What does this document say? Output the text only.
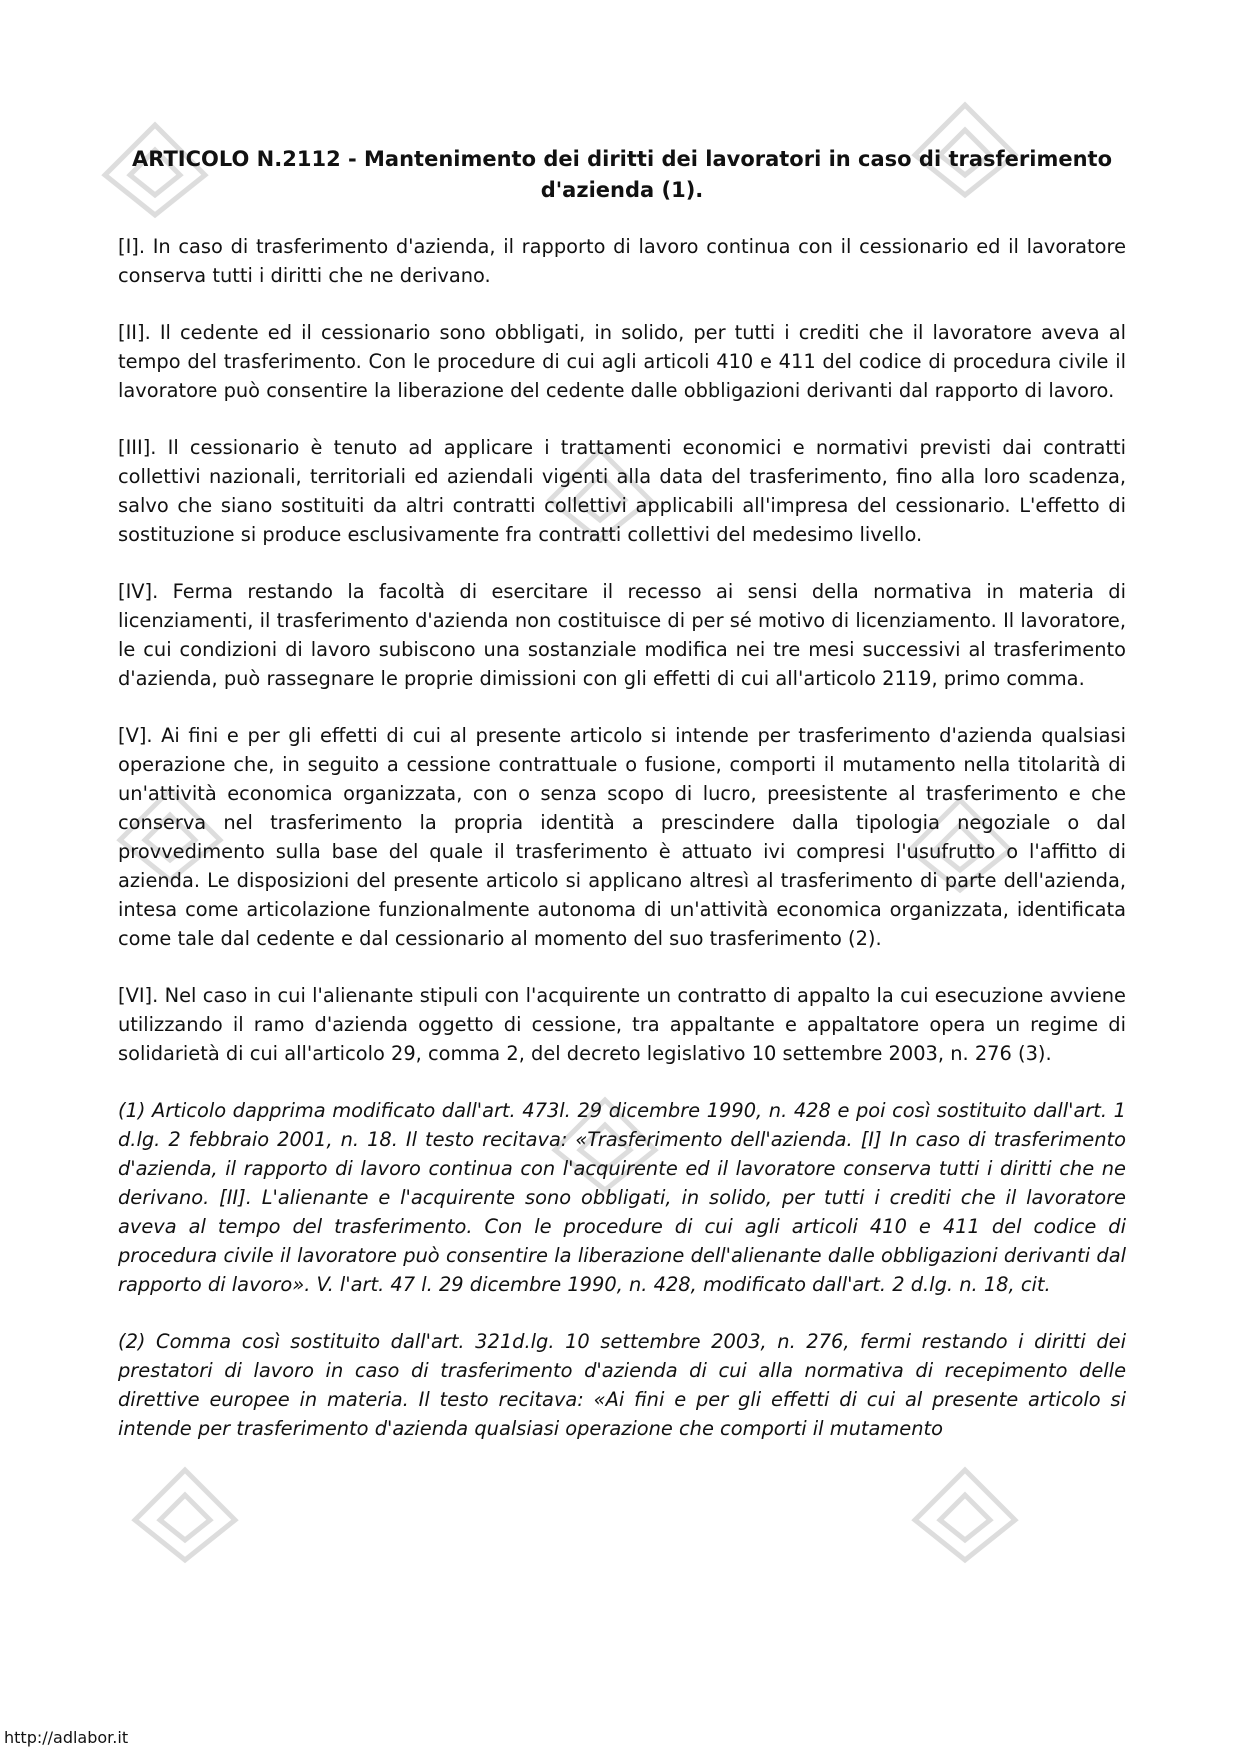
ARTICOLO N.2112 - Mantenimento dei diritti dei lavoratori in caso di trasferimento d'azienda (1).

[I]. In caso di trasferimento d'azienda, il rapporto di lavoro continua con il cessionario ed il lavoratore conserva tutti i diritti che ne derivano.

[II]. Il cedente ed il cessionario sono obbligati, in solido, per tutti i crediti che il lavoratore aveva al tempo del trasferimento. Con le procedure di cui agli articoli 410 e 411 del codice di procedura civile il lavoratore può consentire la liberazione del cedente dalle obbligazioni derivanti dal rapporto di lavoro.

[III]. Il cessionario è tenuto ad applicare i trattamenti economici e normativi previsti dai contratti collettivi nazionali, territoriali ed aziendali vigenti alla data del trasferimento, fino alla loro scadenza, salvo che siano sostituiti da altri contratti collettivi applicabili all'impresa del cessionario. L'effetto di sostituzione si produce esclusivamente fra contratti collettivi del medesimo livello.

[IV]. Ferma restando la facoltà di esercitare il recesso ai sensi della normativa in materia di licenziamenti, il trasferimento d'azienda non costituisce di per sé motivo di licenziamento. Il lavoratore, le cui condizioni di lavoro subiscono una sostanziale modifica nei tre mesi successivi al trasferimento d'azienda, può rassegnare le proprie dimissioni con gli effetti di cui all'articolo 2119, primo comma.

[V]. Ai fini e per gli effetti di cui al presente articolo si intende per trasferimento d'azienda qualsiasi operazione che, in seguito a cessione contrattuale o fusione, comporti il mutamento nella titolarità di un'attività economica organizzata, con o senza scopo di lucro, preesistente al trasferimento e che conserva nel trasferimento la propria identità a prescindere dalla tipologia negoziale o dal provvedimento sulla base del quale il trasferimento è attuato ivi compresi l'usufrutto o l'affitto di azienda. Le disposizioni del presente articolo si applicano altresì al trasferimento di parte dell'azienda, intesa come articolazione funzionalmente autonoma di un'attività economica organizzata, identificata come tale dal cedente e dal cessionario al momento del suo trasferimento (2).

[VI]. Nel caso in cui l'alienante stipuli con l'acquirente un contratto di appalto la cui esecuzione avviene utilizzando il ramo d'azienda oggetto di cessione, tra appaltante e appaltatore opera un regime di solidarietà di cui all'articolo 29, comma 2, del decreto legislativo 10 settembre 2003, n. 276 (3).

(1) Articolo dapprima modificato dall'art. 473l. 29 dicembre 1990, n. 428 e poi così sostituito dall'art. 1 d.lg. 2 febbraio 2001, n. 18. Il testo recitava: «Trasferimento dell'azienda. [I] In caso di trasferimento d'azienda, il rapporto di lavoro continua con l'acquirente ed il lavoratore conserva tutti i diritti che ne derivano. [II]. L'alienante e l'acquirente sono obbligati, in solido, per tutti i crediti che il lavoratore aveva al tempo del trasferimento. Con le procedure di cui agli articoli 410 e 411 del codice di procedura civile il lavoratore può consentire la liberazione dell'alienante dalle obbligazioni derivanti dal rapporto di lavoro». V. l'art. 47 l. 29 dicembre 1990, n. 428, modificato dall'art. 2 d.lg. n. 18, cit.

(2) Comma così sostituito dall'art. 321d.lg. 10 settembre 2003, n. 276, fermi restando i diritti dei prestatori di lavoro in caso di trasferimento d'azienda di cui alla normativa di recepimento delle direttive europee in materia. Il testo recitava: «Ai fini e per gli effetti di cui al presente articolo si intende per trasferimento d'azienda qualsiasi operazione che comporti il mutamento

http://adlabor.it
